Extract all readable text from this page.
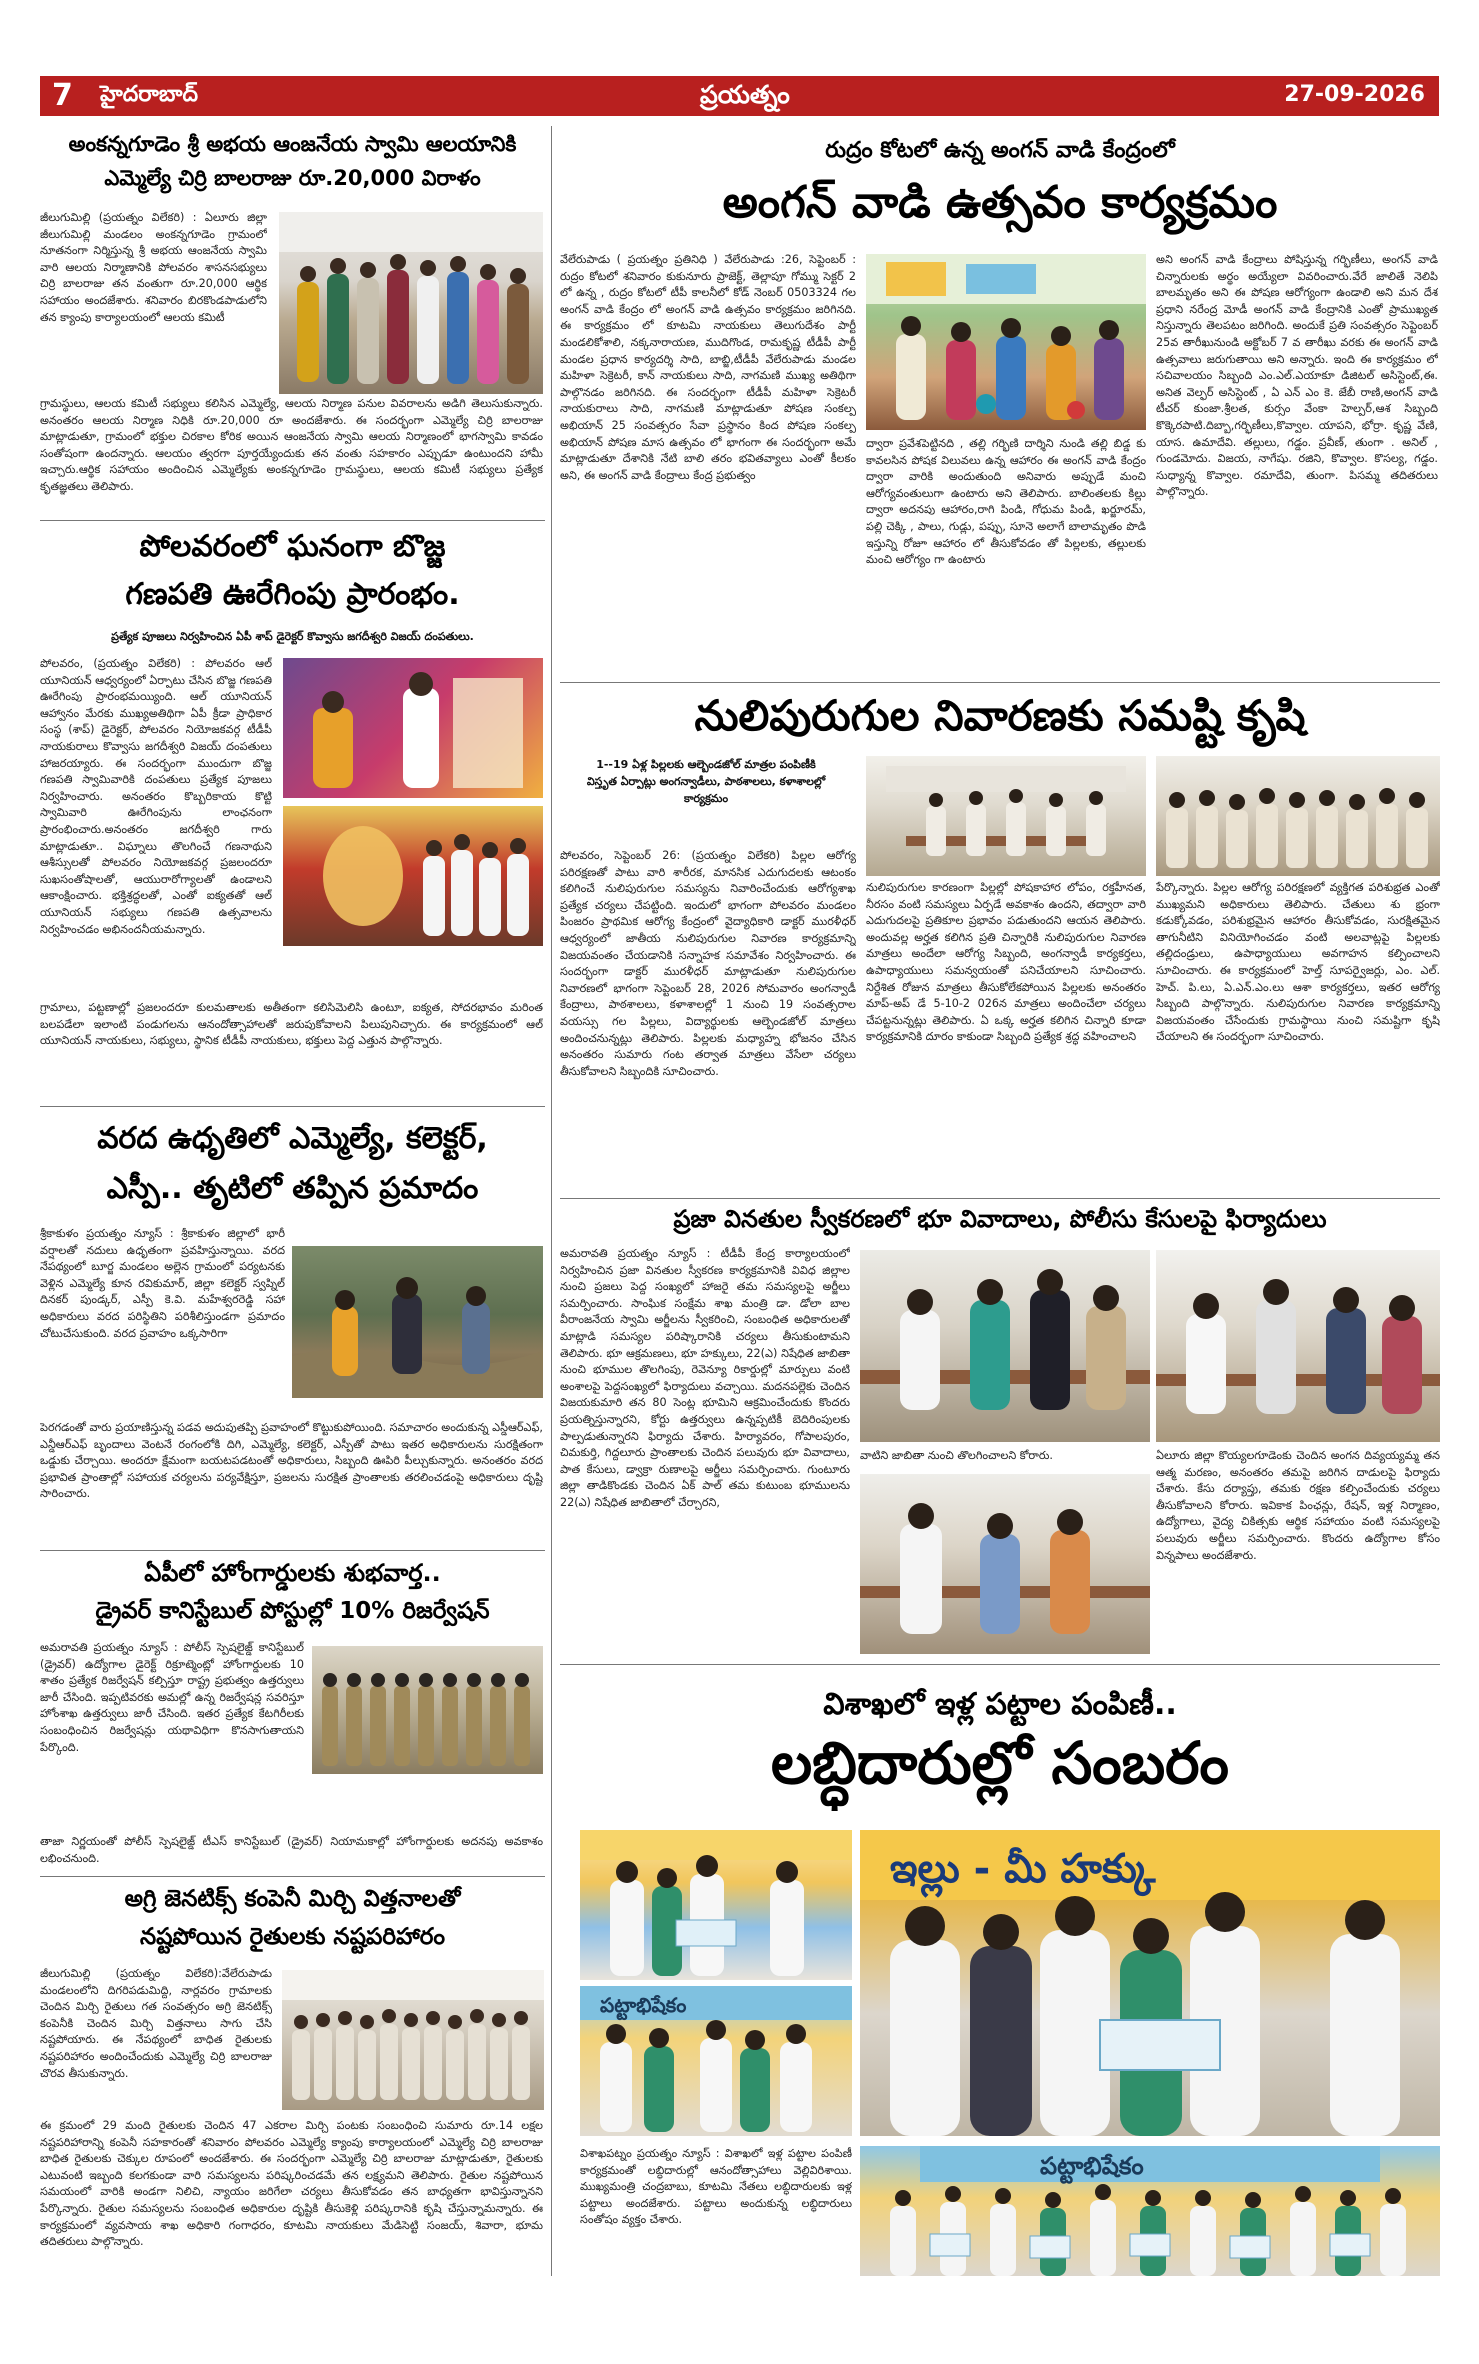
7 హైదరాబాద్	ప్రయత్నం	27-09-2026
అంకన్నగూడెం శ్రీ అభయ ఆంజనేయ స్వామి ఆలయానికి
ఎమ్మెల్యే చిర్రి బాలరాజు రూ.20,000 విరాళం
జీలుగుమిల్లి (ప్రయత్నం విలేకరి) : ఏలూరు జిల్లా జీలుగుమిల్లి మండలం అంకన్నగూడెం గ్రామంలో నూతనంగా నిర్మిస్తున్న శ్రీ అభయ ఆంజనేయ స్వామి వారి ఆలయ నిర్మాణానికి పోలవరం శాసనసభ్యులు చిర్రి బాలరాజు తన వంతుగా రూ.20,000 ఆర్థిక సహాయం అందజేశారు. శనివారం బిరకొండపాడులోని తన క్యాంపు కార్యాలయంలో ఆలయ కమిటీ
గ్రామస్థులు, ఆలయ కమిటీ సభ్యులు కలిసిన ఎమ్మెల్యే, ఆలయ నిర్మాణ పనుల వివరాలను అడిగి తెలుసుకున్నారు. అనంతరం ఆలయ నిర్మాణ నిధికి రూ.20,000 రూ అందజేశారు. ఈ సందర్భంగా ఎమ్మెల్యే చిర్రి బాలరాజు మాట్లాడుతూ, గ్రామంలో భక్తుల చిరకాల కోరిక అయిన ఆంజనేయ స్వామి ఆలయ నిర్మాణంలో భాగస్వామి కావడం సంతోషంగా ఉందన్నారు. ఆలయం త్వరగా పూర్తయ్యేందుకు తన వంతు సహకారం ఎప్పుడూ ఉంటుందని హామీ ఇచ్చారు.ఆర్థిక సహాయం అందించిన ఎమ్మెల్యేకు అంకన్నగూడెం గ్రామస్థులు, ఆలయ కమిటీ సభ్యులు ప్రత్యేక కృతజ్ఞతలు తెలిపారు.
పోలవరంలో ఘనంగా బొజ్జ
గణపతి ఊరేగింపు ప్రారంభం.
ప్రత్యేక పూజలు నిర్వహించిన ఏపీ శాప్ డైరెక్టర్ కొవ్వాసు జగదీశ్వరి విజయ్ దంపతులు.
పోలవరం, (ప్రయత్నం విలేకరి) : పోలవరం ఆల్ యూనియన్ ఆధ్వర్యంలో ఏర్పాటు చేసిన బొజ్జ గణపతి ఊరేగింపు ప్రారంభమయ్యింది. ఆల్ యూనియన్ ఆహ్వానం మేరకు ముఖ్యఅతిథిగా ఏపీ క్రీడా ప్రాధికార సంస్థ (శాప్) డైరెక్టర్, పోలవరం నియోజకవర్గ టీడీపీ నాయకురాలు కొవ్వాసు జగదీశ్వరి విజయ్ దంపతులు హాజరయ్యారు. ఈ సందర్భంగా ముందుగా బొజ్జ గణపతి స్వామివారికి దంపతులు ప్రత్యేక పూజలు నిర్వహించారు. అనంతరం కొబ్బరికాయ కొట్టి స్వామివారి ఊరేగింపును లాంఛనంగా ప్రారంభించారు.అనంతరం జగదీశ్వరి గారు మాట్లాడుతూ.. విఘ్నాలు తొలగించే గణనాథుని ఆశీస్సులతో పోలవరం నియోజకవర్గ ప్రజలందరూ సుఖసంతోషాలతో, ఆయురారోగ్యాలతో ఉండాలని ఆకాంక్షించారు. భక్తిశ్రద్ధలతో, ఎంతో ఐక్యతతో ఆల్ యూనియన్ సభ్యులు గణపతి ఉత్సవాలను నిర్వహించడం అభినందనీయమన్నారు.
గ్రామాలు, పట్టణాల్లో ప్రజలందరూ కులమతాలకు అతీతంగా కలిసిమెలిసి ఉంటూ, ఐక్యత, సోదరభావం మరింత బలపడేలా ఇలాంటి పండుగలను ఆనందోత్సాహాలతో జరుపుకోవాలని పిలుపునిచ్చారు. ఈ కార్యక్రమంలో ఆల్ యూనియన్ నాయకులు, సభ్యులు, స్థానిక టీడీపీ నాయకులు, భక్తులు పెద్ద ఎత్తున పాల్గొన్నారు.
వరద ఉధృతిలో ఎమ్మెల్యే, కలెక్టర్,
ఎస్పీ.. తృటిలో తప్పిన ప్రమాదం
శ్రీకాకుళం ప్రయత్నం న్యూస్ : శ్రీకాకుళం జిల్లాలో భారీ వర్షాలతో నదులు ఉధృతంగా ప్రవహిస్తున్నాయి. వరద నేపథ్యంలో బూర్జ మండలం అల్లెన గ్రామంలో పర్యటనకు వెళ్లిన ఎమ్మెల్యే కూన రవికుమార్, జిల్లా కలెక్టర్ స్వప్నిల్ దినకర్ పుండ్కర్, ఎస్పీ కె.వి. మహేశ్వరరెడ్డి సహా అధికారులు వరద పరిస్థితిని పరిశీలిస్తుండగా ప్రమాదం చోటుచేసుకుంది. వరద ప్రవాహం ఒక్కసారిగా
పెరగడంతో వారు ప్రయాణిస్తున్న పడవ అదుపుతప్పి ప్రవాహంలో కొట్టుకుపోయింది. సమాచారం అందుకున్న ఎస్డీఆర్ఎఫ్, ఎన్డీఆర్ఎఫ్ బృందాలు వెంటనే రంగంలోకి దిగి, ఎమ్మెల్యే, కలెక్టర్, ఎస్పీతో పాటు ఇతర అధికారులను సురక్షితంగా ఒడ్డుకు చేర్చాయి. అందరూ క్షేమంగా బయటపడటంతో అధికారులు, సిబ్బంది ఊపిరి పీల్చుకున్నారు. అనంతరం వరద ప్రభావిత ప్రాంతాల్లో సహాయక చర్యలను పర్యవేక్షిస్తూ, ప్రజలను సురక్షిత ప్రాంతాలకు తరలించడంపై అధికారులు దృష్టి సారించారు.
ఏపీలో హోంగార్డులకు శుభవార్త..
డ్రైవర్ కానిస్టేబుల్ పోస్టుల్లో 10% రిజర్వేషన్
అమరావతి ప్రయత్నం న్యూస్ : పోలీస్ స్పెషలైజ్డ్ కానిస్టేబుల్ (డ్రైవర్) ఉద్యోగాల డైరెక్ట్ రిక్రూట్మెంట్లో హోంగార్డులకు 10 శాతం ప్రత్యేక రిజర్వేషన్ కల్పిస్తూ రాష్ట్ర ప్రభుత్వం ఉత్తర్వులు జారీ చేసింది. ఇప్పటివరకు అమల్లో ఉన్న రిజర్వేషన్ల సవరిస్తూ హోంశాఖ ఉత్తర్వులు జారీ చేసింది. ఇతర ప్రత్యేక కేటగిరీలకు సంబంధించిన రిజర్వేషన్లు యథావిధిగా కొనసాగుతాయని పేర్కొంది.
తాజా నిర్ణయంతో పోలీస్ స్పెషలైజ్డ్ టీఎస్ కానిస్టేబుల్ (డ్రైవర్) నియామకాల్లో హోంగార్డులకు అదనపు అవకాశం లభించనుంది.
అగ్రి జెనటిక్స్ కంపెనీ మిర్చి విత్తనాలతో
నష్టపోయిన రైతులకు నష్టపరిహారం
జీలుగుమిల్లి (ప్రయత్నం విలేకరి):వేలేరుపాడు మండలంలోని దిగరిపడుమిద్ది, నార్లవరం గ్రామాలకు చెందిన మిర్చి రైతులు గత సంవత్సరం అగ్రి జెనటిక్స్ కంపెనీకి చెందిన మిర్చి విత్తనాలు సాగు చేసి నష్టపోయారు. ఈ నేపథ్యంలో బాధిత రైతులకు నష్టపరిహారం అందించేందుకు ఎమ్మెల్యే చిర్రి బాలరాజు చొరవ తీసుకున్నారు.
ఈ క్రమంలో 29 మంది రైతులకు చెందిన 47 ఎకరాల మిర్చి పంటకు సంబంధించి సుమారు రూ.14 లక్షల నష్టపరిహారాన్ని కంపెనీ సహకారంతో శనివారం పోలవరం ఎమ్మెల్యే క్యాంపు కార్యాలయంలో ఎమ్మెల్యే చిర్రి బాలరాజు బాధిత రైతులకు చెక్కుల రూపంలో అందజేశారు. ఈ సందర్భంగా ఎమ్మెల్యే చిర్రి బాలరాజు మాట్లాడుతూ, రైతులకు ఎటువంటి ఇబ్బంది కలగకుండా వారి సమస్యలను పరిష్కరించడమే తన లక్ష్యమని తెలిపారు. రైతుల నష్టపోయిన సమయంలో వారికి అండగా నిలిచి, న్యాయం జరిగేలా చర్యలు తీసుకోవడం తన బాధ్యతగా భావిస్తున్నానని పేర్కొన్నారు. రైతుల సమస్యలను సంబంధిత అధికారుల దృష్టికి తీసుకెళ్లి పరిష్కరానికి కృషి చేస్తున్నామన్నారు. ఈ కార్యక్రమంలో వ్యవసాయ శాఖ అధికారి గంగాధరం, కూటమి నాయకులు మేడిసెట్టి సంజయ్, శివారా, భూమ తదితరులు పాల్గొన్నారు.
రుద్రం కోటలో ఉన్న అంగన్ వాడి కేంద్రంలో
అంగన్ వాడి ఉత్సవం కార్యక్రమం
వేలేరుపాడు ( ప్రయత్నం ప్రతినిధి ) వేలేరుపాడు :26, సెప్టెంబర్ : రుద్రం కోటలో శనివారం కుకునూరు ప్రాజెక్ట్, తెల్లాపూ గోమ్ము సెక్టర్ 2 లో ఉన్న , రుద్రం కోటలో టీపీ కాలనీలో కోడ్ నెంబర్ 0503324 గల అంగన్ వాడి కేంద్రం లో అంగన్ వాడి ఉత్సవం కార్యక్రమం జరిగినది. ఈ కార్యక్రమం లో కూటమి నాయకులు తెలుగుదేశం పార్టీ మండలికోశాలి, నక్కనారాయణ, ముదిగొండ, రామకృష్ణ టీడీపీ పార్టీ మండల ప్రధాన కార్యదర్శి సాది, బాబ్జి,టీడీపీ వేలేరుపాడు మండల మహిళా సెక్రెటరీ, కాన్ నాయకులు సాది, నాగమణి ముఖ్య అతిథిగా పాల్గొనడం జరిగినది. ఈ సందర్భంగా టీడీపీ మహిళా సెక్రెటరీ నాయకురాలు సాది, నాగమణి మాట్లాడుతూ పోషణ సంకల్ప అభియాన్ 25 సంవత్సరం సేవా ప్రస్థానం కింద పోషణ సంకల్ప అభియాన్ పోషణ మాస ఉత్సవం లో భాగంగా ఈ సందర్భంగా అమే మాట్లాడుతూ దేశానికి నేటి బాలి తరం భవితవ్యాలు ఎంతో కీలకం అని, ఈ అంగన్ వాడి కేంద్రాలు కేంద్ర ప్రభుత్వం
ద్వారా ప్రవేశపెట్టినది , తల్లి గర్భిణి దార్శిని నుండి తల్లి బిడ్డ కు కావలసిన పోషక విలువలు ఉన్న ఆహారం ఈ అంగన్ వాడి కేంద్రం ద్వారా వారికి అందుతుంది అనివారు అప్పుడే మంచి ఆరోగ్యవంతులుగా ఉంటారు అని తెలిపారు. బాలింతలకు కిల్లు ద్వారా అదనపు ఆహారం,రాగి పిండి, గోధుమ పిండి, ఖర్జూరమ్, పల్లి చెక్కి , పాలు, గుడ్లు, పప్పు, సూనె అలాగే బాలామృతం పొడి ఇస్తున్ని రోజూ ఆహారం లో తీసుకోవడం తో పిల్లలకు, తల్లులకు మంచి ఆరోగ్యం గా ఉంటారు
అని అంగన్ వాడి కేంద్రాలు పోషిస్తున్న గర్భిణీలు, అంగన్ వాడి చిన్నారులకు అర్థం అయ్యేలా వివరించారు.వేరే జాలితే నెలిపి బాలమృతం అని ఈ పోషణ ఆరోగ్యంగా ఉండాలి అని మన దేశ ప్రధాని నరేంద్ర మోడీ అంగన్ వాడి కేంద్రానికి ఎంతో ప్రాముఖ్యత నిస్తున్నారు తెలపటం జరిగింది. అందుకే ప్రతి సంవత్సరం సెప్టెంబర్ 25వ తారీఖునుండి అక్టోబర్ 7 వ తారీఖు వరకు ఈ అంగన్ వాడి ఉత్సవాలు జరుగుతాయి అని అన్నారు. ఇంది ఈ కార్యక్రమం లో సచివాలయం సిబ్బంది ఎం.ఎల్.ఎయాకూ డిజిటల్ అసిస్టెంట్,ఈ. అనిత వెల్ఫర్ అసిస్టెంట్ , ఏ ఎన్ ఎం కె. జేబీ రాణి,అంగన్ వాడి టీచర్ కుంజా.శ్రీలత, కుర్సం వేంకా హెల్పర్,ఆశ సిబ్బంది కొక్కెరపాటి.దిబ్బా,గర్భిణీలు,కొవ్వాల. యాపని, భోర్రా. కృష్ణ వేణి, యాస. ఉమాదేవి. తల్లులు, గడ్డం. ప్రవీణ్, తుంగా . అనిల్ , గుండమోదు. విజయ, నాగేషు. రజిని, కొవ్వాల. కొసల్య, గడ్డం. సుధ్యాన్న కొవ్వాల. రమాదేవి, తుంగా. పిసమ్మ తదితరులు పాల్గొన్నారు.
నులిపురుగుల నివారణకు సమష్టి కృషి
1--19 ఏళ్ల పిల్లలకు ఆల్బెండజోల్ మాత్రల పంపిణీకి విస్తృత ఏర్పాట్లు అంగన్వాడీలు, పాఠశాలలు, కళాశాలల్లో కార్యక్రమం
పోలవరం, సెప్టెంబర్ 26: (ప్రయత్నం విలేకరి) పిల్లల ఆరోగ్య పరిరక్షణతో పాటు వారి శారీరక, మానసిక ఎదుగుదలకు ఆటంకం కలిగించే నులిపురుగుల సమస్యను నివారించేందుకు ఆరోగ్యశాఖ ప్రత్యేక చర్యలు చేపట్టింది. ఇందులో భాగంగా పోలవరం మండలం పింజరం ప్రాథమిక ఆరోగ్య కేంద్రంలో వైద్యాధికారి డాక్టర్ మురళీధర్ ఆధ్వర్యంలో జాతీయ నులిపురుగుల నివారణ కార్యక్రమాన్ని విజయవంతం చేయడానికి సన్నాహక సమావేశం నిర్వహించారు. ఈ సందర్భంగా డాక్టర్ మురళీధర్ మాట్లాడుతూ నులిపురుగుల నివారణలో భాగంగా సెప్టెంబర్ 28, 2026 సోమవారం అంగన్వాడీ కేంద్రాలు, పాఠశాలలు, కళాశాలల్లో 1 నుంచి 19 సంవత్సరాల వయస్సు గల పిల్లలు, విద్యార్థులకు ఆల్బెండజోల్ మాత్రలు అందించనున్నట్లు తెలిపారు. పిల్లలకు మధ్యాహ్న భోజనం చేసిన అనంతరం సుమారు గంట తర్వాత మాత్రలు వేసేలా చర్యలు తీసుకోవాలని సిబ్బందికి సూచించారు.
నులిపురుగుల కారణంగా పిల్లల్లో పోషకాహార లోపం, రక్తహీనత, నీరసం వంటి సమస్యలు ఏర్పడే అవకాశం ఉందని, తద్వారా వారి ఎదుగుదలపై ప్రతికూల ప్రభావం పడుతుందని ఆయన తెలిపారు. అందువల్ల అర్హత కలిగిన ప్రతి చిన్నారికి నులిపురుగుల నివారణ మాత్రలు అందేలా ఆరోగ్య సిబ్బంది, అంగన్వాడీ కార్యకర్తలు, ఉపాధ్యాయులు సమన్వయంతో పనిచేయాలని సూచించారు. నిర్దేశిత రోజున మాత్రలు తీసుకోలేకపోయిన పిల్లలకు అనంతరం మాప్-అప్ డే 5-10-2 026న మాత్రలు అందించేలా చర్యలు చేపట్టనున్నట్లు తెలిపారు. ఏ ఒక్క అర్హత కలిగిన చిన్నారి కూడా కార్యక్రమానికి దూరం కాకుండా సిబ్బంది ప్రత్యేక శ్రద్ధ వహించాలని
పేర్కొన్నారు. పిల్లల ఆరోగ్య పరిరక్షణలో వ్యక్తిగత పరిశుభ్రత ఎంతో ముఖ్యమని అధికారులు తెలిపారు. చేతులు శు భ్రంగా కడుక్కోవడం, పరిశుభ్రమైన ఆహారం తీసుకోవడం, సురక్షితమైన తాగునీటిని వినియోగించడం వంటి అలవాట్లపై పిల్లలకు తల్లిదండ్రులు, ఉపాధ్యాయులు అవగాహన కల్పించాలని సూచించారు. ఈ కార్యక్రమంలో హెల్త్ సూపర్వైజర్లు, ఎం. ఎల్. హెచ్. పి.లు, ఏ.ఎన్.ఎం.లు ఆశా కార్యకర్తలు, ఇతర ఆరోగ్య సిబ్బంది పాల్గొన్నారు. నులిపురుగుల నివారణ కార్యక్రమాన్ని విజయవంతం చేసేందుకు గ్రామస్థాయి నుంచి సమష్టిగా కృషి చేయాలని ఈ సందర్భంగా సూచించారు.
ప్రజా వినతుల స్వీకరణలో భూ వివాదాలు, పోలీసు కేసులపై ఫిర్యాదులు
అమరావతి ప్రయత్నం న్యూస్ : టీడీపీ కేంద్ర కార్యాలయంలో నిర్వహించిన ప్రజా వినతుల స్వీకరణ కార్యక్రమానికి వివిధ జిల్లాల నుంచి ప్రజలు పెద్ద సంఖ్యలో హాజరై తమ సమస్యలపై అర్జీలు సమర్పించారు. సాంఘిక సంక్షేమ శాఖ మంత్రి డా. డోలా బాల వీరాంజనేయ స్వామి అర్జీలను స్వీకరించి, సంబంధిత అధికారులతో మాట్లాడి సమస్యల పరిష్కారానికి చర్యలు తీసుకుంటామని తెలిపారు. భూ ఆక్రమణలు, భూ హక్కులు, 22(ఎ) నిషేధిత జాబితా నుంచి భూముల తొలగింపు, రెవెన్యూ రికార్డుల్లో మార్పులు వంటి అంశాలపై పెద్దసంఖ్యలో ఫిర్యాదులు వచ్చాయి. మదనపల్లెకు చెందిన విజయకుమారి తన 80 సెంట్ల భూమిని ఆక్రమించేందుకు కొందరు ప్రయత్నిస్తున్నారని, కోర్టు ఉత్తర్వులు ఉన్నప్పటికీ బెదిరింపులకు పాల్పడుతున్నారని ఫిర్యాదు చేశారు. హిర్యావరం, గోపాలపురం, చిమకుర్తి, గిద్దలూరు ప్రాంతాలకు చెందిన పలువురు భూ వివాదాలు, పాత కేసులు, డ్వాక్రా రుణాలపై అర్జీలు సమర్పించారు. గుంటూరు జిల్లా తాడికొండకు చెందిన ఏక్ పాల్ తమ కుటుంబ భూములను 22(ఎ) నిషేధిత జాబితాలో చేర్చారని,
వాటిని జాబితా నుంచి తొలగించాలని కోరారు.	ఏలూరు జిల్లా కొయ్యలగూడెంకు చెందిన అంగన దివ్యయ్యమ్మ తన ఆత్మ మరణం, అనంతరం తమపై జరిగిన దాడులపై ఫిర్యాదు చేశారు. కేసు దర్యాప్తు, తమకు రక్షణ కల్పించేందుకు చర్యలు తీసుకోవాలని కోరారు. ఇవికాక పింఛన్లు, రేషన్, ఇళ్ల నిర్మాణం, ఉద్యోగాలు, వైద్య చికిత్సకు ఆర్థిక సహాయం వంటి సమస్యలపై పలువురు అర్జీలు సమర్పించారు. కొందరు ఉద్యోగాల కోసం విన్నపాలు అందజేశారు.
విశాఖలో ఇళ్ల పట్టాల పంపిణీ..
లబ్ధిదారుల్లో సంబరం
పట్టాభిషేకం
ఇల్లు - మీ హక్కు
విశాఖపట్నం ప్రయత్నం న్యూస్ : విశాఖలో ఇళ్ల పట్టాల పంపిణీ కార్యక్రమంతో లబ్ధిదారుల్లో ఆనందోత్సాహాలు వెల్లివిరిశాయి. ముఖ్యమంత్రి చంద్రబాబు, కూటమి నేతలు లబ్ధిదారులకు ఇళ్ల పట్టాలు అందజేశారు. పట్టాలు అందుకున్న లబ్ధిదారులు సంతోషం వ్యక్తం చేశారు.
పట్టాభిషేకం
